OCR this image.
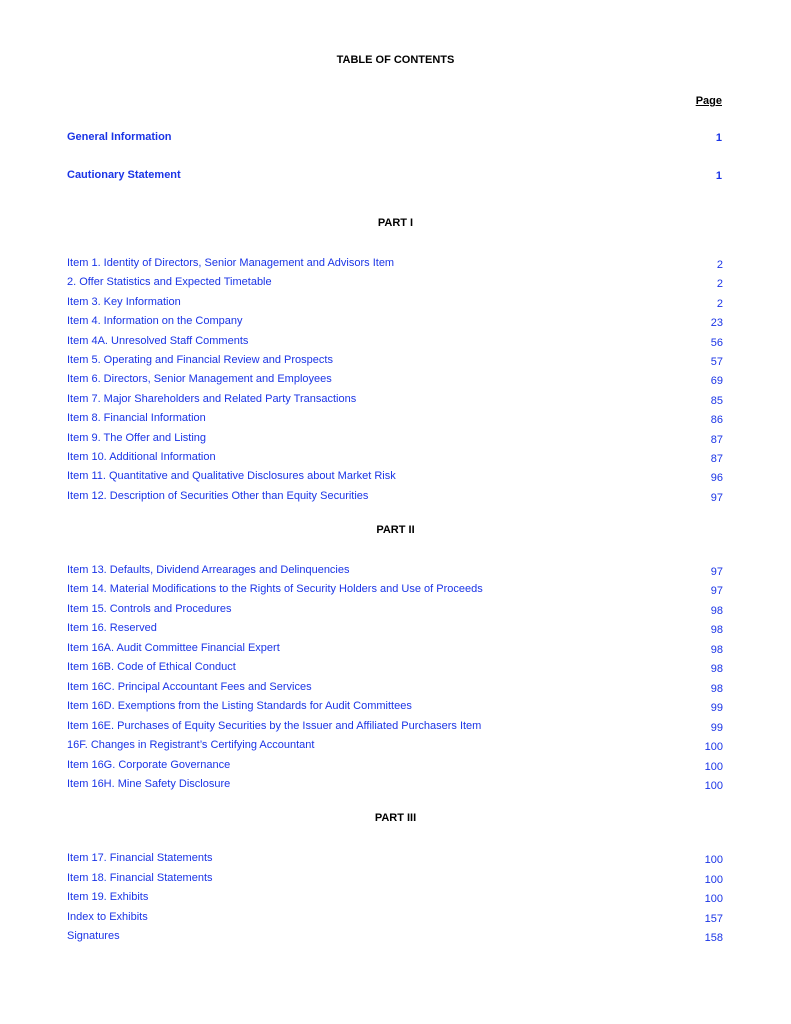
TABLE OF CONTENTS
Page
General Information	1
Cautionary Statement	1
PART I
Item 1. Identity of Directors, Senior Management and Advisors Item	2
2. Offer Statistics and Expected Timetable	2
Item 3. Key Information	2
Item 4. Information on the Company	23
Item 4A. Unresolved Staff Comments	56
Item 5. Operating and Financial Review and Prospects	57
Item 6. Directors, Senior Management and Employees	69
Item 7. Major Shareholders and Related Party Transactions	85
Item 8. Financial Information	86
Item 9. The Offer and Listing	87
Item 10. Additional Information	87
Item 11. Quantitative and Qualitative Disclosures about Market Risk	96
Item 12. Description of Securities Other than Equity Securities	97
PART II
Item 13. Defaults, Dividend Arrearages and Delinquencies	97
Item 14. Material Modifications to the Rights of Security Holders and Use of Proceeds	97
Item 15. Controls and Procedures	98
Item 16. Reserved	98
Item 16A. Audit Committee Financial Expert	98
Item 16B. Code of Ethical Conduct	98
Item 16C. Principal Accountant Fees and Services	98
Item 16D. Exemptions from the Listing Standards for Audit Committees	99
Item 16E. Purchases of Equity Securities by the Issuer and Affiliated Purchasers Item	99
16F. Changes in Registrant’s Certifying Accountant	100
Item 16G. Corporate Governance	100
Item 16H. Mine Safety Disclosure	100
PART III
Item 17. Financial Statements	100
Item 18. Financial Statements	100
Item 19. Exhibits	100
Index to Exhibits	157
Signatures	158
